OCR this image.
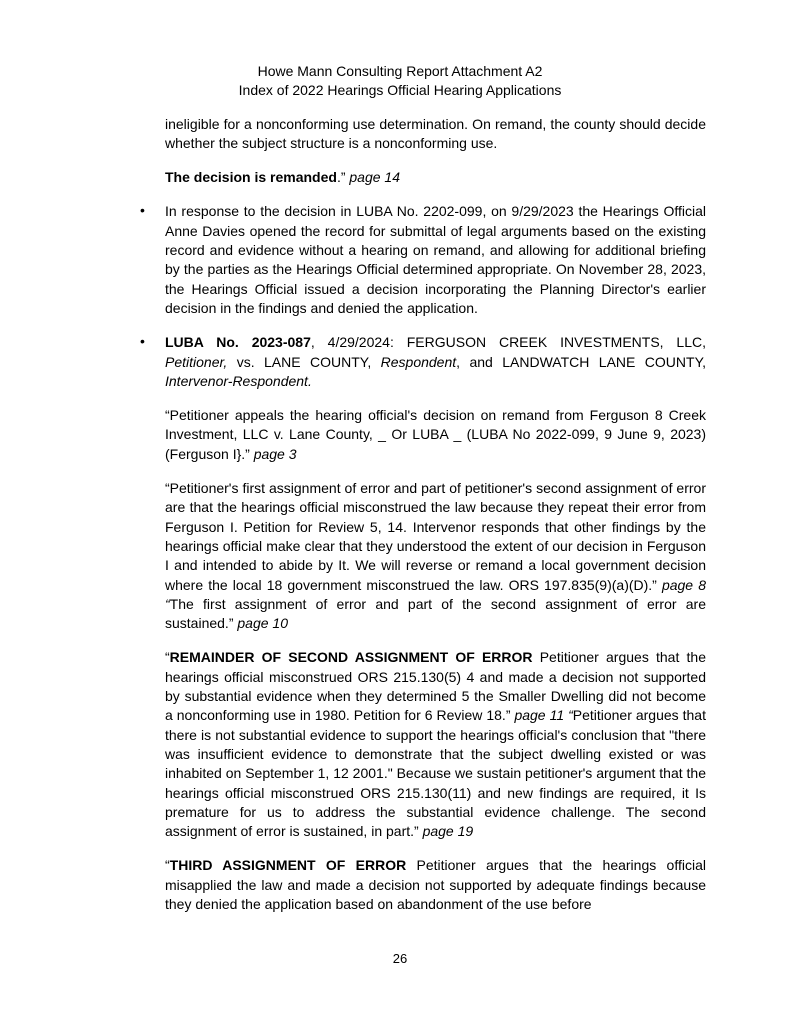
Howe Mann Consulting Report Attachment A2
Index of 2022 Hearings Official Hearing Applications

ineligible for a nonconforming use determination. On remand, the county should decide whether the subject structure is a nonconforming use.

The decision is remanded.” page 14

• In response to the decision in LUBA No. 2202-099, on 9/29/2023 the Hearings Official Anne Davies opened the record for submittal of legal arguments based on the existing record and evidence without a hearing on remand, and allowing for additional briefing by the parties as the Hearings Official determined appropriate. On November 28, 2023, the Hearings Official issued a decision incorporating the Planning Director's earlier decision in the findings and denied the application.

• LUBA No. 2023-087, 4/29/2024: FERGUSON CREEK INVESTMENTS, LLC, Petitioner, vs. LANE COUNTY, Respondent, and LANDWATCH LANE COUNTY, Intervenor-Respondent.

“Petitioner appeals the hearing official's decision on remand from Ferguson 8 Creek Investment, LLC v. Lane County, _ Or LUBA _ (LUBA No 2022-099, 9 June 9, 2023) (Ferguson I}.” page 3

“Petitioner's first assignment of error and part of petitioner's second assignment of error are that the hearings official misconstrued the law because they repeat their error from Ferguson I. Petition for Review 5, 14. Intervenor responds that other findings by the hearings official make clear that they understood the extent of our decision in Ferguson I and intended to abide by It. We will reverse or remand a local government decision where the local 18 government misconstrued the law. ORS 197.835(9)(a)(D).” page 8 “The first assignment of error and part of the second assignment of error are sustained.” page 10

“REMAINDER OF SECOND ASSIGNMENT OF ERROR Petitioner argues that the hearings official misconstrued ORS 215.130(5) 4 and made a decision not supported by substantial evidence when they determined 5 the Smaller Dwelling did not become a nonconforming use in 1980. Petition for 6 Review 18.” page 11 “Petitioner argues that there is not substantial evidence to support the hearings official's conclusion that "there was insufficient evidence to demonstrate that the subject dwelling existed or was inhabited on September 1, 12 2001." Because we sustain petitioner's argument that the hearings official misconstrued ORS 215.130(11) and new findings are required, it Is premature for us to address the substantial evidence challenge. The second assignment of error is sustained, in part.” page 19

“THIRD ASSIGNMENT OF ERROR Petitioner argues that the hearings official misapplied the law and made a decision not supported by adequate findings because they denied the application based on abandonment of the use before

26
